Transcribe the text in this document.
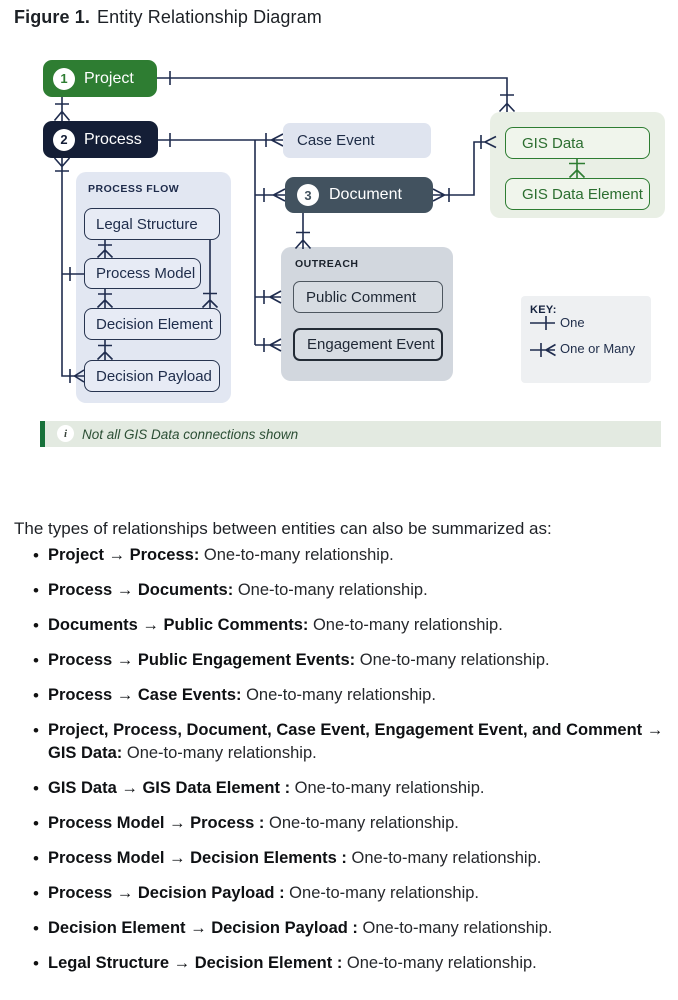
Figure 1. Entity Relationship Diagram
1	Project
2	Process	Case Event
3	Document
GIS Data
GIS Data Element
PROCESS FLOW
Legal Structure
Process Model
Decision Element
Decision Payload
OUTREACH
Public Comment
Engagement Event
KEY:
One
One or Many
i	Not all GIS Data connections shown

The types of relationships between entities can also be summarized as:

• Project → Process: One-to-many relationship.
• Process → Documents: One-to-many relationship.
• Documents → Public Comments: One-to-many relationship.
• Process → Public Engagement Events: One-to-many relationship.
• Process → Case Events: One-to-many relationship.
• Project, Process, Document, Case Event, Engagement Event, and Comment → GIS Data: One-to-many relationship.
• GIS Data → GIS Data Element : One-to-many relationship.
• Process Model → Process : One-to-many relationship.
• Process Model → Decision Elements : One-to-many relationship.
• Process → Decision Payload : One-to-many relationship.
• Decision Element → Decision Payload : One-to-many relationship.
• Legal Structure → Decision Element : One-to-many relationship.
